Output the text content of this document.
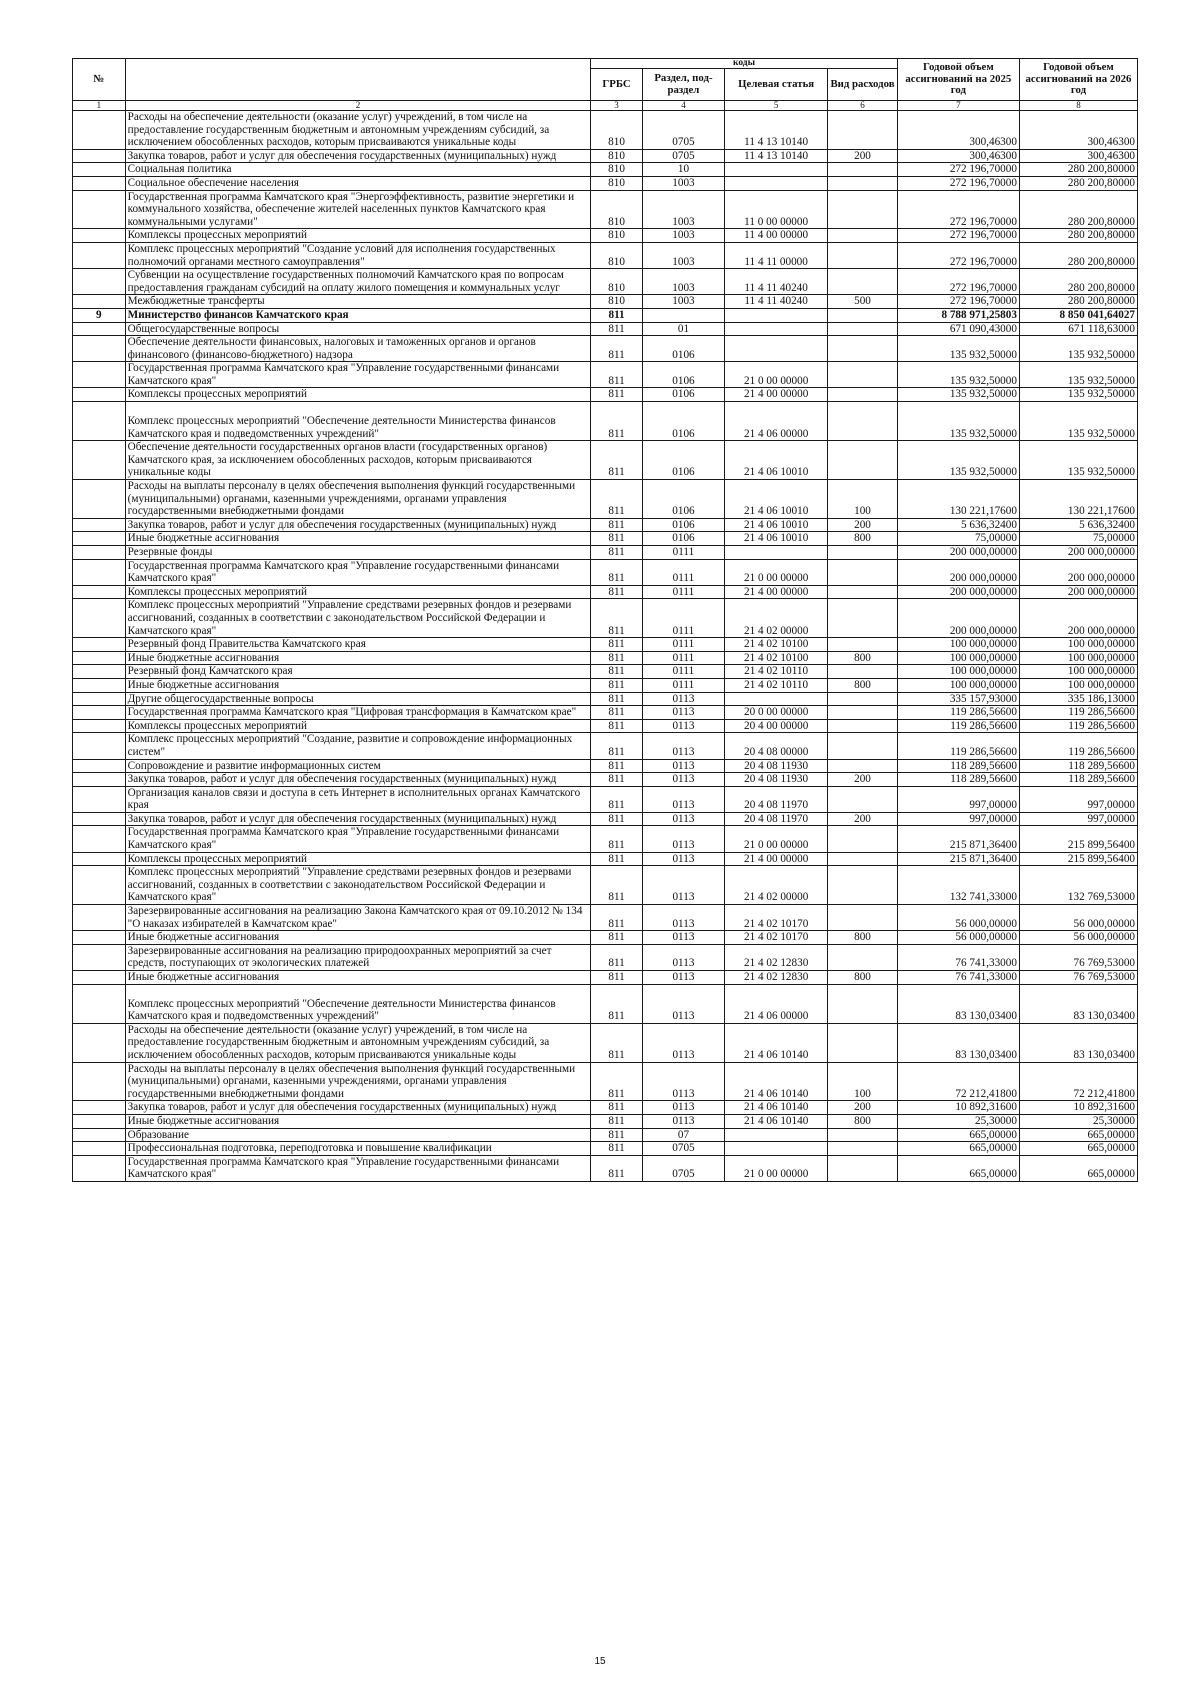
№		коды				Годовой объем ассигнований на 2025 год	Годовой объем ассигнований на 2026 год
		ГРБС	Раздел, под-раздел	Целевая статья	Вид расходов		
1	2	3	4	5	6	7	8
	Расходы на обеспечение деятельности (оказание услуг) учреждений, в том числе на предоставление государственным бюджетным и автономным учреждениям субсидий, за исключением обособленных расходов, которым присваиваются уникальные коды	810	0705	11 4 13 10140		300,46300	300,46300
	Закупка товаров, работ и услуг для обеспечения государственных (муниципальных) нужд	810	0705	11 4 13 10140	200	300,46300	300,46300
	Социальная политика	810	10			272 196,70000	280 200,80000
	Социальное обеспечение населения	810	1003			272 196,70000	280 200,80000
	Государственная программа Камчатского края "Энергоэффективность, развитие энергетики и коммунального хозяйства, обеспечение жителей населенных пунктов Камчатского края коммунальными услугами"	810	1003	11 0 00 00000		272 196,70000	280 200,80000
	Комплексы процессных мероприятий	810	1003	11 4 00 00000		272 196,70000	280 200,80000
	Комплекс процессных мероприятий "Создание условий для исполнения государственных полномочий органами местного самоуправления"	810	1003	11 4 11 00000		272 196,70000	280 200,80000
	Субвенции на осуществление государственных полномочий Камчатского края по вопросам предоставления гражданам субсидий на оплату жилого помещения и коммунальных услуг	810	1003	11 4 11 40240		272 196,70000	280 200,80000
	Межбюджетные трансферты	810	1003	11 4 11 40240	500	272 196,70000	280 200,80000
9	Министерство финансов Камчатского края	811				8 788 971,25803	8 850 041,64027
	Общегосударственные вопросы	811	01			671 090,43000	671 118,63000
	Обеспечение деятельности финансовых, налоговых и таможенных органов и органов финансового (финансово-бюджетного) надзора	811	0106			135 932,50000	135 932,50000
	Государственная программа Камчатского края "Управление государственными финансами Камчатского края"	811	0106	21 0 00 00000		135 932,50000	135 932,50000
	Комплексы процессных мероприятий	811	0106	21 4 00 00000		135 932,50000	135 932,50000
	Комплекс процессных мероприятий "Обеспечение деятельности Министерства финансов Камчатского края и подведомственных учреждений"	811	0106	21 4 06 00000		135 932,50000	135 932,50000
	Обеспечение деятельности государственных органов власти (государственных органов) Камчатского края, за исключением обособленных расходов, которым присваиваются уникальные коды	811	0106	21 4 06 10010		135 932,50000	135 932,50000
	Расходы на выплаты персоналу в целях обеспечения выполнения функций государственными (муниципальными) органами, казенными учреждениями, органами управления государственными внебюджетными фондами	811	0106	21 4 06 10010	100	130 221,17600	130 221,17600
	Закупка товаров, работ и услуг для обеспечения государственных (муниципальных) нужд	811	0106	21 4 06 10010	200	5 636,32400	5 636,32400
	Иные бюджетные ассигнования	811	0106	21 4 06 10010	800	75,00000	75,00000
	Резервные фонды	811	0111			200 000,00000	200 000,00000
	Государственная программа Камчатского края "Управление государственными финансами Камчатского края"	811	0111	21 0 00 00000		200 000,00000	200 000,00000
	Комплексы процессных мероприятий	811	0111	21 4 00 00000		200 000,00000	200 000,00000
	Комплекс процессных мероприятий "Управление средствами резервных фондов и резервами ассигнований, созданных в соответствии с законодательством Российской Федерации и Камчатского края"	811	0111	21 4 02 00000		200 000,00000	200 000,00000
	Резервный фонд Правительства Камчатского края	811	0111	21 4 02 10100		100 000,00000	100 000,00000
	Иные бюджетные ассигнования	811	0111	21 4 02 10100	800	100 000,00000	100 000,00000
	Резервный фонд Камчатского края	811	0111	21 4 02 10110		100 000,00000	100 000,00000
	Иные бюджетные ассигнования	811	0111	21 4 02 10110	800	100 000,00000	100 000,00000
	Другие общегосударственные вопросы	811	0113			335 157,93000	335 186,13000
	Государственная программа Камчатского края "Цифровая трансформация в Камчатском крае"	811	0113	20 0 00 00000		119 286,56600	119 286,56600
	Комплексы процессных мероприятий	811	0113	20 4 00 00000		119 286,56600	119 286,56600
	Комплекс процессных мероприятий "Создание, развитие и сопровождение информационных систем"	811	0113	20 4 08 00000		119 286,56600	119 286,56600
	Сопровождение и развитие информационных систем	811	0113	20 4 08 11930		118 289,56600	118 289,56600
	Закупка товаров, работ и услуг для обеспечения государственных (муниципальных) нужд	811	0113	20 4 08 11930	200	118 289,56600	118 289,56600
	Организация каналов связи и доступа в сеть Интернет в исполнительных органах Камчатского края	811	0113	20 4 08 11970		997,00000	997,00000
	Закупка товаров, работ и услуг для обеспечения государственных (муниципальных) нужд	811	0113	20 4 08 11970	200	997,00000	997,00000
	Государственная программа Камчатского края "Управление государственными финансами Камчатского края"	811	0113	21 0 00 00000		215 871,36400	215 899,56400
	Комплексы процессных мероприятий	811	0113	21 4 00 00000		215 871,36400	215 899,56400
	Комплекс процессных мероприятий "Управление средствами резервных фондов и резервами ассигнований, созданных в соответствии с законодательством Российской Федерации и Камчатского края"	811	0113	21 4 02 00000		132 741,33000	132 769,53000
	Зарезервированные ассигнования на реализацию Закона Камчатского края от 09.10.2012 № 134 "О наказах избирателей в Камчатском крае"	811	0113	21 4 02 10170		56 000,00000	56 000,00000
	Иные бюджетные ассигнования	811	0113	21 4 02 10170	800	56 000,00000	56 000,00000
	Зарезервированные ассигнования на реализацию природоохранных мероприятий за счет средств, поступающих от экологических платежей	811	0113	21 4 02 12830		76 741,33000	76 769,53000
	Иные бюджетные ассигнования	811	0113	21 4 02 12830	800	76 741,33000	76 769,53000
	Комплекс процессных мероприятий "Обеспечение деятельности Министерства финансов Камчатского края и подведомственных учреждений"	811	0113	21 4 06 00000		83 130,03400	83 130,03400
	Расходы на обеспечение деятельности (оказание услуг) учреждений, в том числе на предоставление государственным бюджетным и автономным учреждениям субсидий, за исключением обособленных расходов, которым присваиваются уникальные коды	811	0113	21 4 06 10140		83 130,03400	83 130,03400
	Расходы на выплаты персоналу в целях обеспечения выполнения функций государственными (муниципальными) органами, казенными учреждениями, органами управления государственными внебюджетными фондами	811	0113	21 4 06 10140	100	72 212,41800	72 212,41800
	Закупка товаров, работ и услуг для обеспечения государственных (муниципальных) нужд	811	0113	21 4 06 10140	200	10 892,31600	10 892,31600
	Иные бюджетные ассигнования	811	0113	21 4 06 10140	800	25,30000	25,30000
	Образование	811	07			665,00000	665,00000
	Профессиональная подготовка, переподготовка и повышение квалификации	811	0705			665,00000	665,00000
	Государственная программа Камчатского края "Управление государственными финансами Камчатского края"	811	0705	21 0 00 00000		665,00000	665,00000
15
